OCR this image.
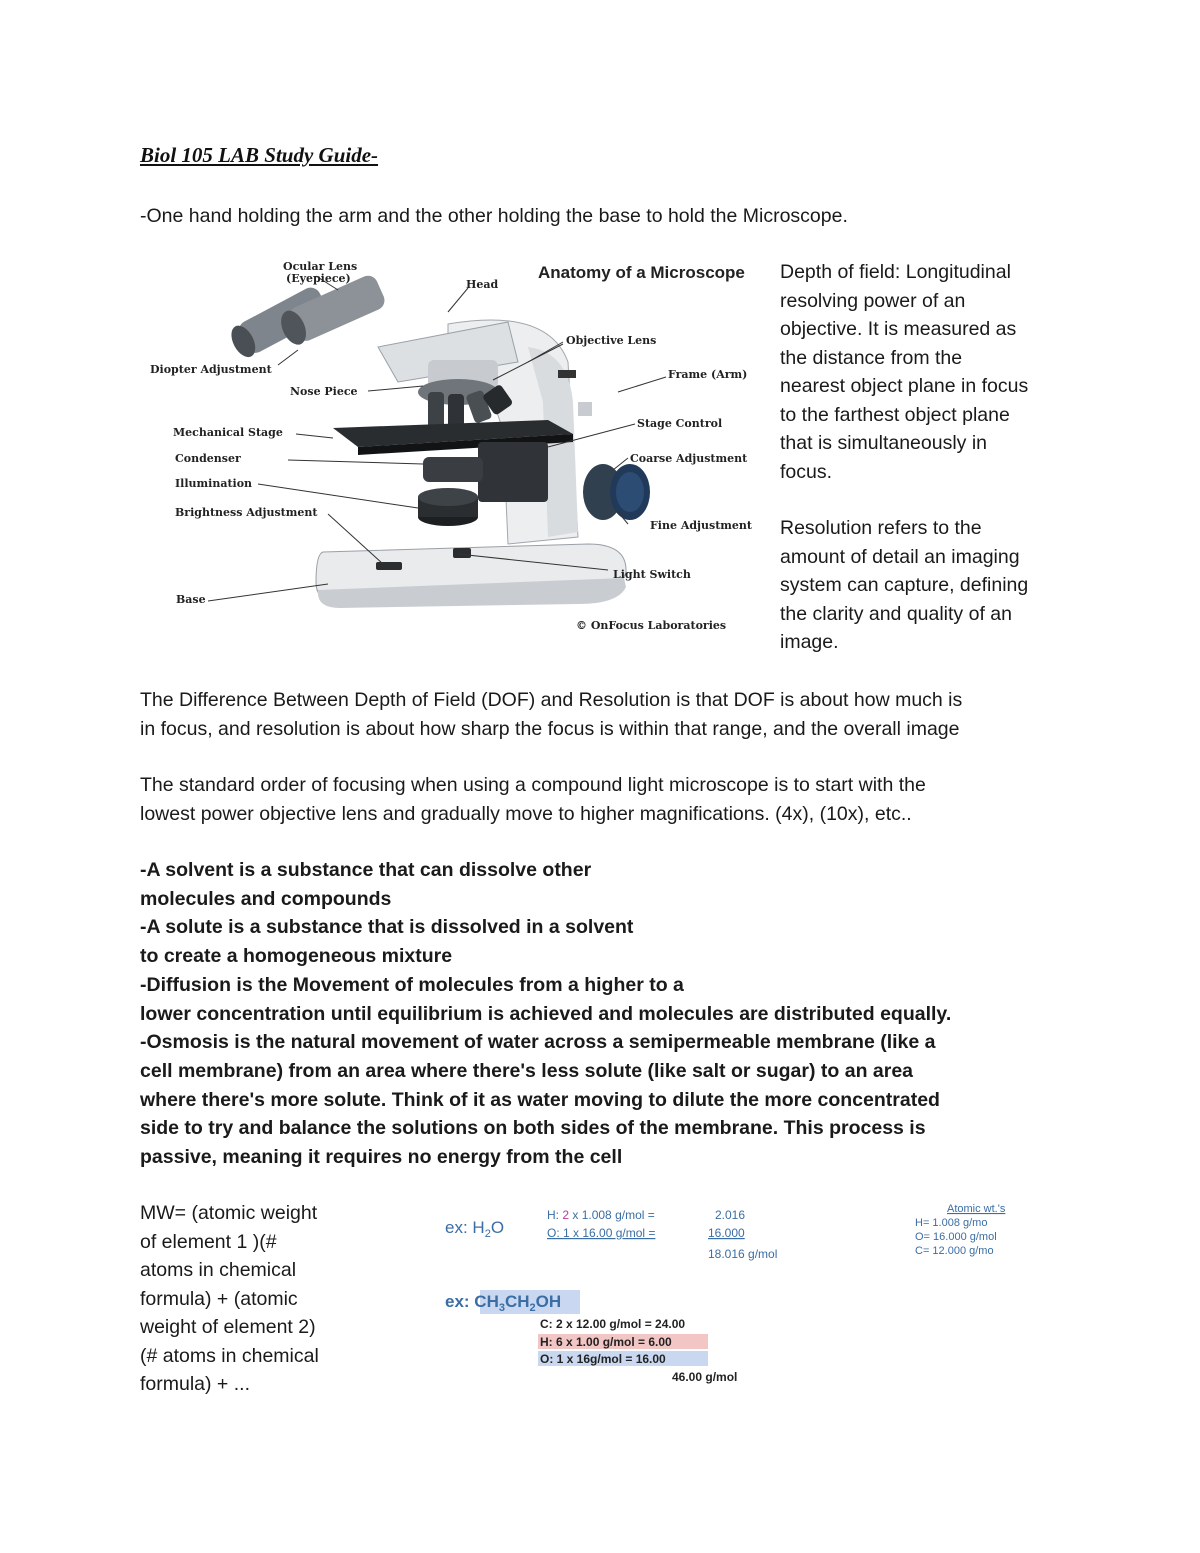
Biol 105 LAB Study Guide-
-One hand holding the arm and the other holding the base to hold the Microscope.
Anatomy of a Microscope
Ocular Lens
(Eyepiece)	Head
Diopter Adjustment
Objective Lens
Nose Piece
Frame (Arm)
Mechanical Stage
Stage Control
Condenser	Coarse Adjustment
Illumination
Brightness Adjustment
Fine Adjustment
Light Switch
Base
© OnFocus Laboratories
Depth of field: Longitudinal
resolving power of an
objective. It is measured as
the distance from the
nearest object plane in focus
to the farthest object plane
that is simultaneously in
focus.
Resolution refers to the
amount of detail an imaging
system can capture, defining
the clarity and quality of an
image.
The Difference Between Depth of Field (DOF) and Resolution is that DOF is about how much is
in focus, and resolution is about how sharp the focus is within that range, and the overall image
The standard order of focusing when using a compound light microscope is to start with the
lowest power objective lens and gradually move to higher magnifications. (4x), (10x), etc..
-A solvent is a substance that can dissolve other
molecules and compounds
-A solute is a substance that is dissolved in a solvent
to create a homogeneous mixture
-Diffusion is the Movement of molecules from a higher to a
lower concentration until equilibrium is achieved and molecules are distributed equally.
-Osmosis is the natural movement of water across a semipermeable membrane (like a
cell membrane) from an area where there's less solute (like salt or sugar) to an area
where there's more solute. Think of it as water moving to dilute the more concentrated
side to try and balance the solutions on both sides of the membrane. This process is
passive, meaning it requires no energy from the cell
MW= (atomic weight
of element 1 )(#
atoms in chemical
formula) + (atomic
weight of element 2)
(# atoms in chemical
formula) + ...
ex: $H_2O$
H: 2 x 1.008 g/mol =	2.016
O: 1 x 16.00 g/mol =	16.000
18.016 g/mol
Atomic wt.'s
H= 1.008 g/mo
O= 16.000 g/mol
C= 12.000 g/mo
ex: $CH_3CH_2OH$
C: 2 x 12.00 g/mol = 24.00
H: 6 x 1.00 g/mol = 6.00
O: 1 x 16g/mol = 16.00
46.00 g/mol
